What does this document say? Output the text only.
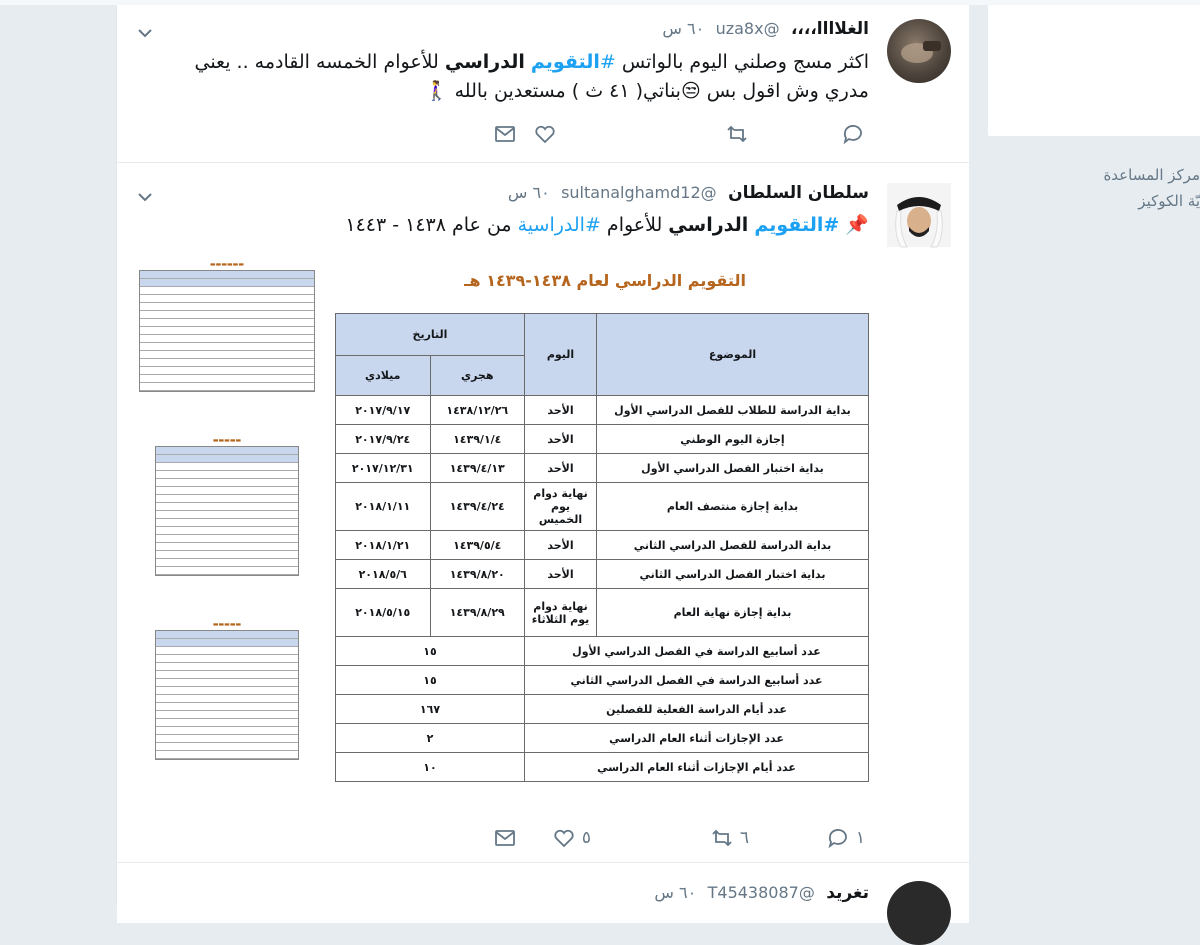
الغلاااا،،،، @uza8x ٦٠ س
اكثر مسج وصلني اليوم بالواتس #التقويم الدراسي للأعوام الخمسه القادمه .. يعني
مدري وش اقول بس 😒بناتي( ٤١ ث ) مستعدين بالله 🚶‍♀️
سلطان السلطان @sultanalghamd12 ٦٠ س
📌 #التقويم الدراسي للأعوام #الدراسية من عام ١٤٣٨ - ١٤٤٣
▬▬▬▬▬▬
▬▬▬▬▬
▬▬▬▬▬
التقويم الدراسي لعام ١٤٣٨-١٤٣٩ هـ
الموضوع	اليوم	التاريخ	
		هجري	ميلادي
بداية الدراسة للطلاب للفصل الدراسي الأول	الأحد	١٤٣٨/١٢/٢٦	٢٠١٧/٩/١٧
إجازة اليوم الوطني	الأحد	١٤٣٩/١/٤	٢٠١٧/٩/٢٤
بداية اختبار الفصل الدراسي الأول	الأحد	١٤٣٩/٤/١٣	٢٠١٧/١٢/٣١
بداية إجازة منتصف العام	نهاية دوام يوم الخميس	١٤٣٩/٤/٢٤	٢٠١٨/١/١١
بداية الدراسة للفصل الدراسي الثاني	الأحد	١٤٣٩/٥/٤	٢٠١٨/١/٢١
بداية اختبار الفصل الدراسي الثاني	الأحد	١٤٣٩/٨/٢٠	٢٠١٨/٥/٦
بداية إجازة نهاية العام	نهاية دوام يوم الثلاثاء	١٤٣٩/٨/٢٩	٢٠١٨/٥/١٥
عدد أسابيع الدراسة في الفصل الدراسي الأول		١٥	
عدد أسابيع الدراسة في الفصل الدراسي الثاني		١٥	
عدد أيام الدراسة الفعلية للفصلين		١٦٧	
عدد الإجازات أثناء العام الدراسي		٢	
عدد أيام الإجازات أثناء العام الدراسي		١٠	
١
٦
٥
تغريد @T45438087 ٦٠ س
مركز المساعدة
يّة الكوكيز
